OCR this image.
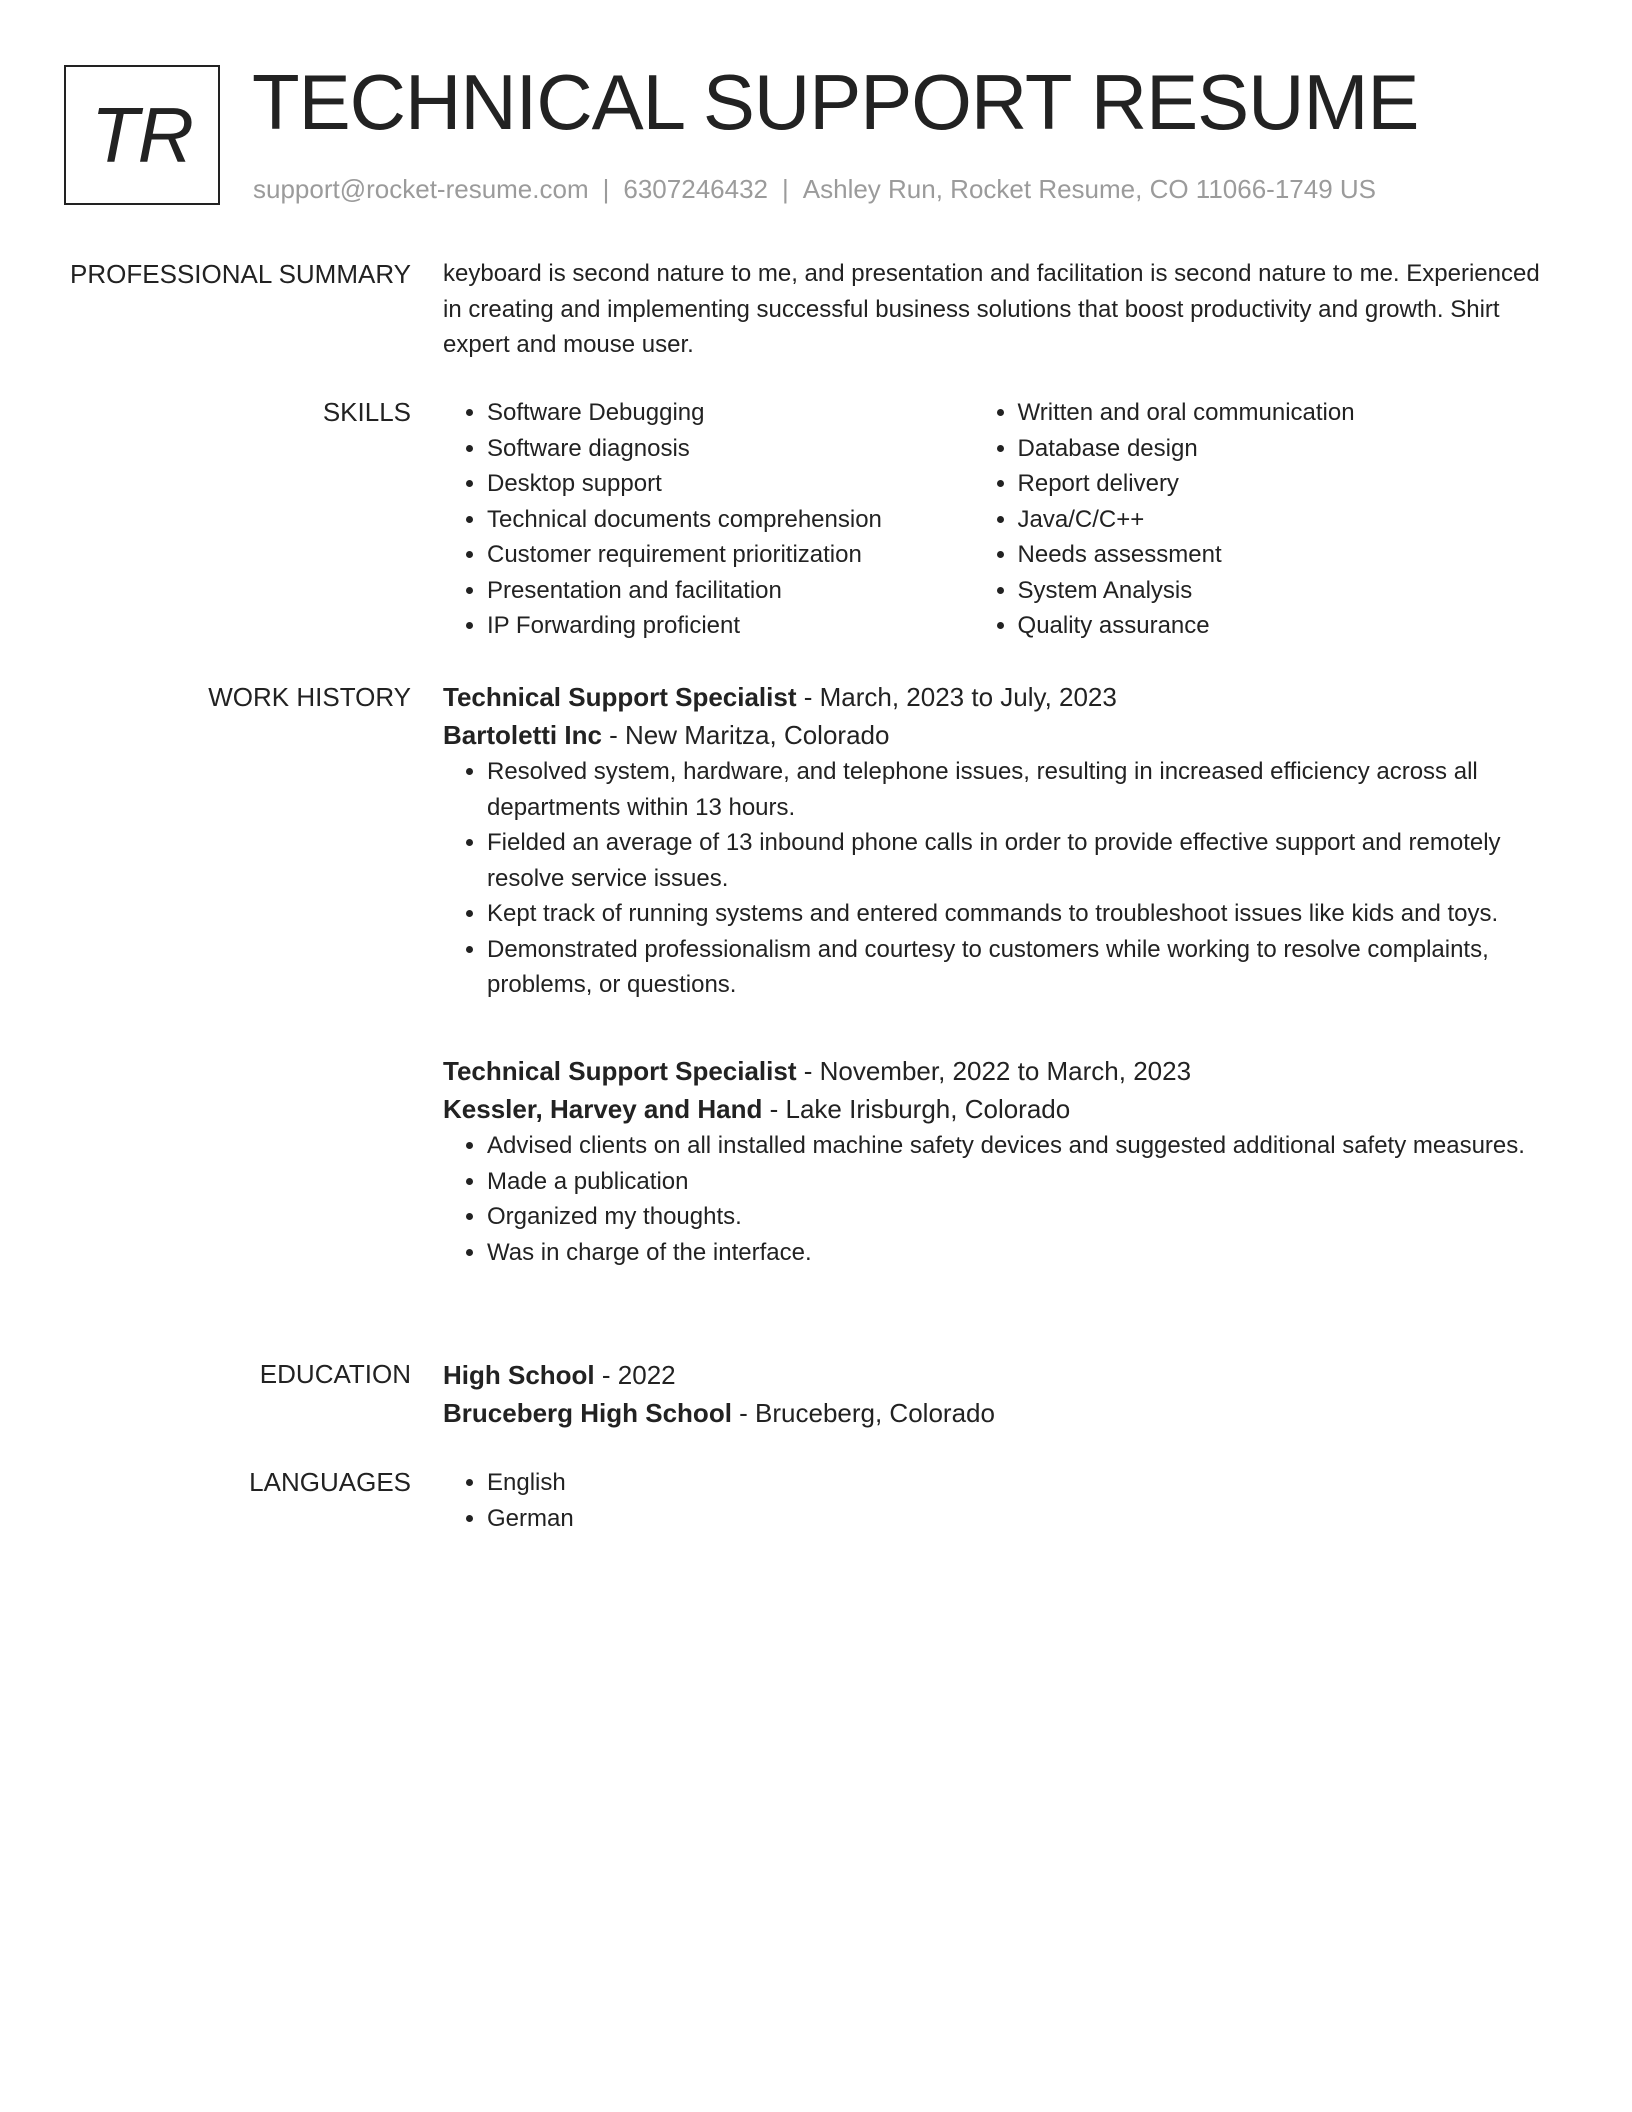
TR TECHNICAL SUPPORT RESUME
support@rocket-resume.com | 6307246432 | Ashley Run, Rocket Resume, CO 11066-1749 US
PROFESSIONAL SUMMARY keyboard is second nature to me, and presentation and facilitation is second nature to me. Experienced in creating and implementing successful business solutions that boost productivity and growth. Shirt expert and mouse user.

SKILLS	• Software Debugging
• Software diagnosis
• Desktop support
• Technical documents comprehension
• Customer requirement prioritization
• Presentation and facilitation
• IP Forwarding proficient
• Written and oral communication
• Database design
• Report delivery
• Java/C/C++
• Needs assessment
• System Analysis
• Quality assurance
WORK HISTORY Technical Support Specialist - March, 2023 to July, 2023
Bartoletti Inc - New Maritza, Colorado
• Resolved system, hardware, and telephone issues, resulting in increased efficiency across all departments within 13 hours.
• Fielded an average of 13 inbound phone calls in order to provide effective support and remotely resolve service issues.
• Kept track of running systems and entered commands to troubleshoot issues like kids and toys.
• Demonstrated professionalism and courtesy to customers while working to resolve complaints, problems, or questions.
Technical Support Specialist - November, 2022 to March, 2023
Kessler, Harvey and Hand - Lake Irisburgh, Colorado
• Advised clients on all installed machine safety devices and suggested additional safety measures.
• Made a publication
• Organized my thoughts.
• Was in charge of the interface.
EDUCATION High School - 2022
Bruceberg High School - Bruceberg, Colorado
LANGUAGES	• English
• German
